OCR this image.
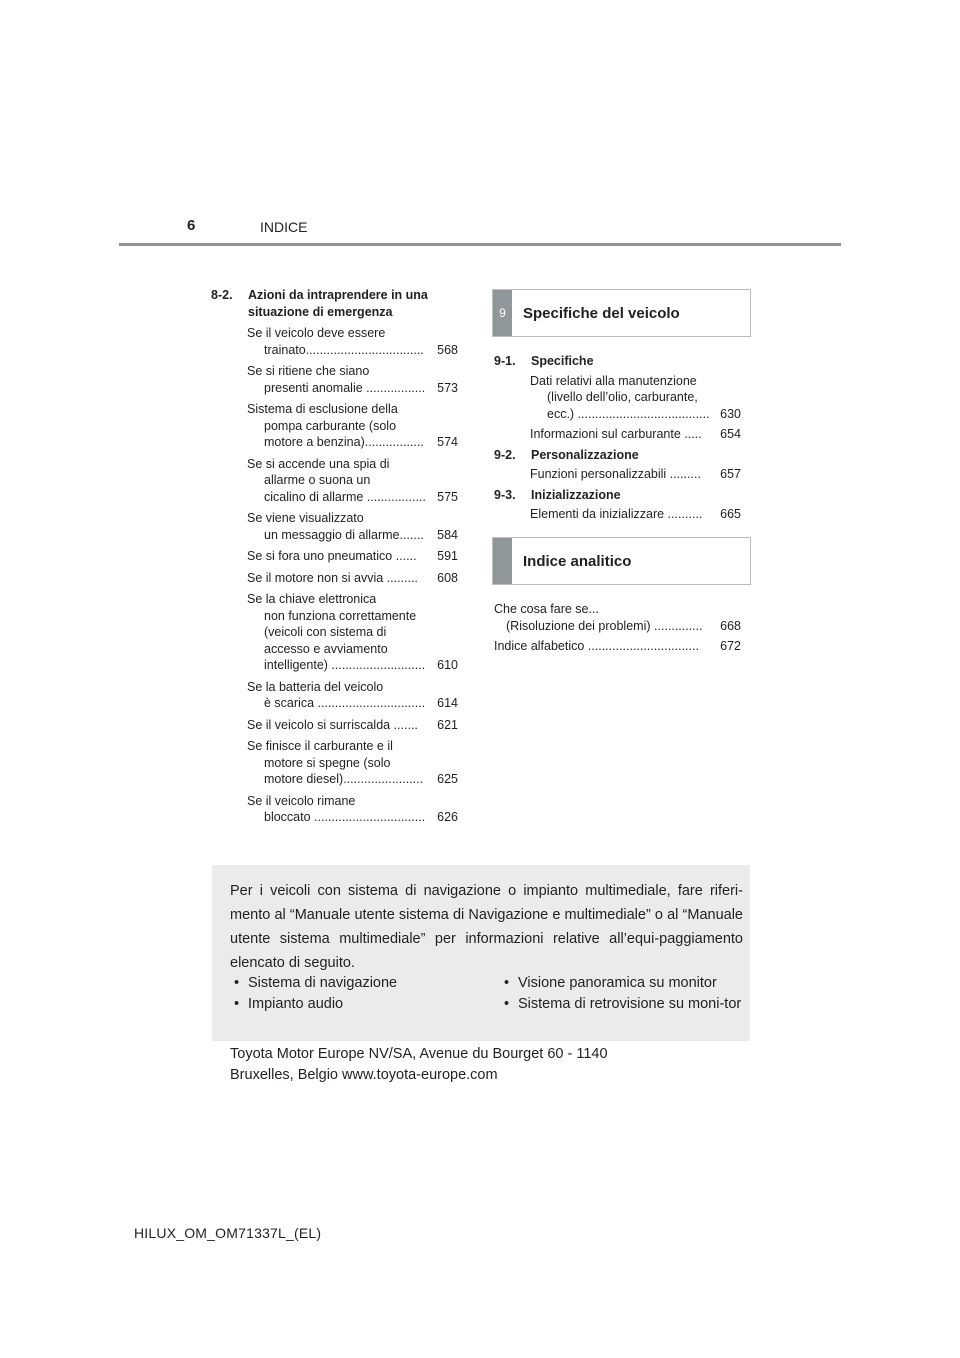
6	INDICE
8-2.	Azioni da intraprendere in una situazione di emergenza
Se il veicolo deve essere
trainato..................................	568
Se si ritiene che siano
presenti anomalie ................. 573
Sistema di esclusione della
pompa carburante (solo
motore a benzina).................	574
Se si accende una spia di
allarme o suona un
cicalino di allarme ................. 575
Se viene visualizzato
un messaggio di allarme.......	584
Se si fora uno pneumatico ......	591
Se il motore non si avvia .........	608
Se la chiave elettronica
non funziona correttamente
(veicoli con sistema di
accesso e avviamento
intelligente) ........................... 610
Se la batteria del veicolo
è scarica ............................... 614
Se il veicolo si surriscalda .......	621
Se finisce il carburante e il
motore si spegne (solo
motore diesel).......................	625
Se il veicolo rimane
bloccato ................................ 626
9	Specifiche del veicolo
9-1.	Specifiche
Dati relativi alla manutenzione
(livello dell’olio, carburante,
ecc.) ...................................... 630
Informazioni sul carburante .....	654
9-2.	Personalizzazione
Funzioni personalizzabili .........	657
9-3.	Inizializzazione
Elementi da inizializzare ..........	665
Indice analitico
Che cosa fare se...
(Risoluzione dei problemi) ..............	668
Indice alfabetico ................................	672
Per i veicoli con sistema di navigazione o impianto multimediale, fare riferi-mento al “Manuale utente sistema di Navigazione e multimediale” o al “Manuale utente sistema multimediale” per informazioni relative all’equi-paggiamento elencato di seguito.
• Sistema di navigazione
• Impianto audio
• Visione panoramica su monitor
• Sistema di retrovisione su moni-tor
Toyota Motor Europe NV/SA, Avenue du Bourget 60 - 1140
Bruxelles, Belgio www.toyota-europe.com
HILUX_OM_OM71337L_(EL)
